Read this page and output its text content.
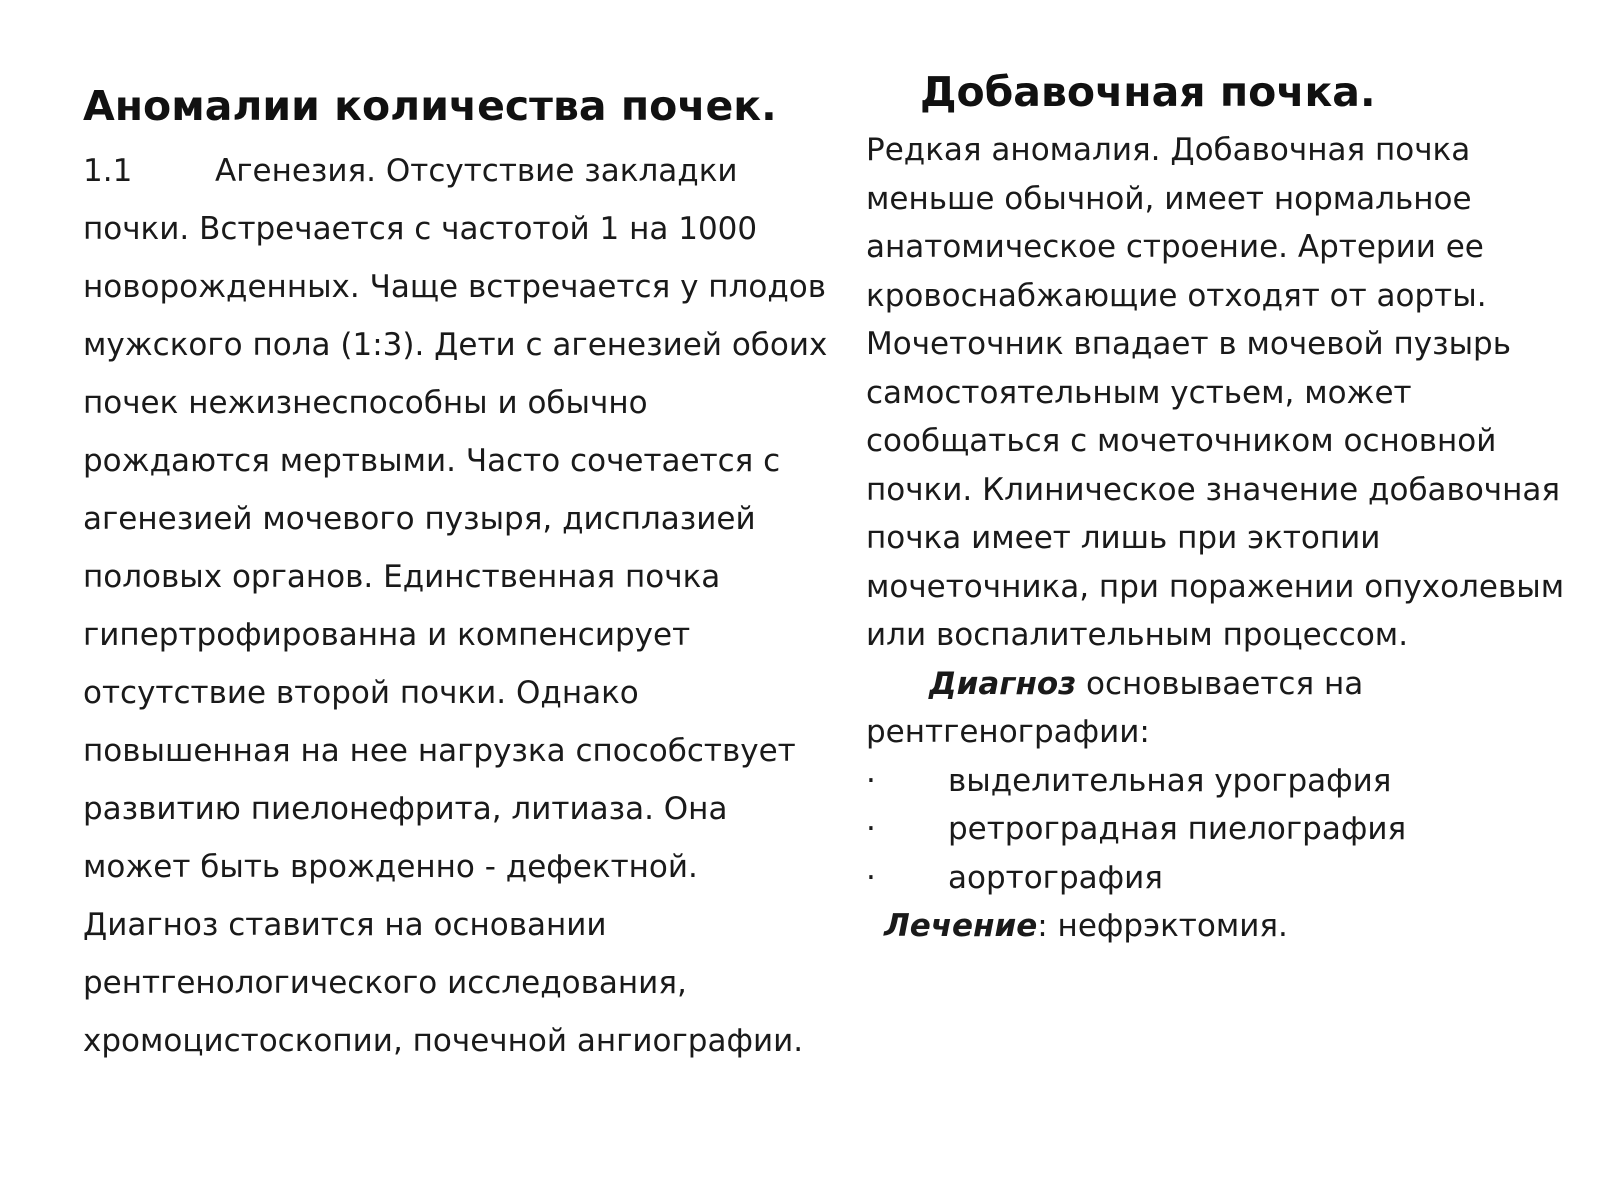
Аномалии количества почек.

1.1	Агенезия. Отсутствие закладки почки. Встречается с частотой 1 на 1000 новорожденных. Чаще встречается у плодов мужского пола (1:3). Дети с агенезией обоих почек нежизнеспособны и обычно рождаются мертвыми. Часто сочетается с агенезией мочевого пузыря, дисплазией половых органов. Единственная почка гипертрофированна и компенсирует отсутствие второй почки. Однако повышенная на нее нагрузка способствует развитию пиелонефрита, литиаза. Она может быть врожденно - дефектной. Диагноз ставится на основании рентгенологического исследования, хромоцистоскопии, почечной ангиографии.

Добавочная почка.

Редкая аномалия. Добавочная почка меньше обычной, имеет нормальное анатомическое строение. Артерии ее кровоснабжающие отходят от аорты. Мочеточник впадает в мочевой пузырь самостоятельным устьем, может сообщаться с мочеточником основной почки. Клиническое значение добавочная почка имеет лишь при эктопии мочеточника, при поражении опухолевым или воспалительным процессом.

Диагноз основывается на рентгенографии:

·	выделительная урография
·	ретроградная пиелография
·	аортография

Лечение: нефрэктомия.
